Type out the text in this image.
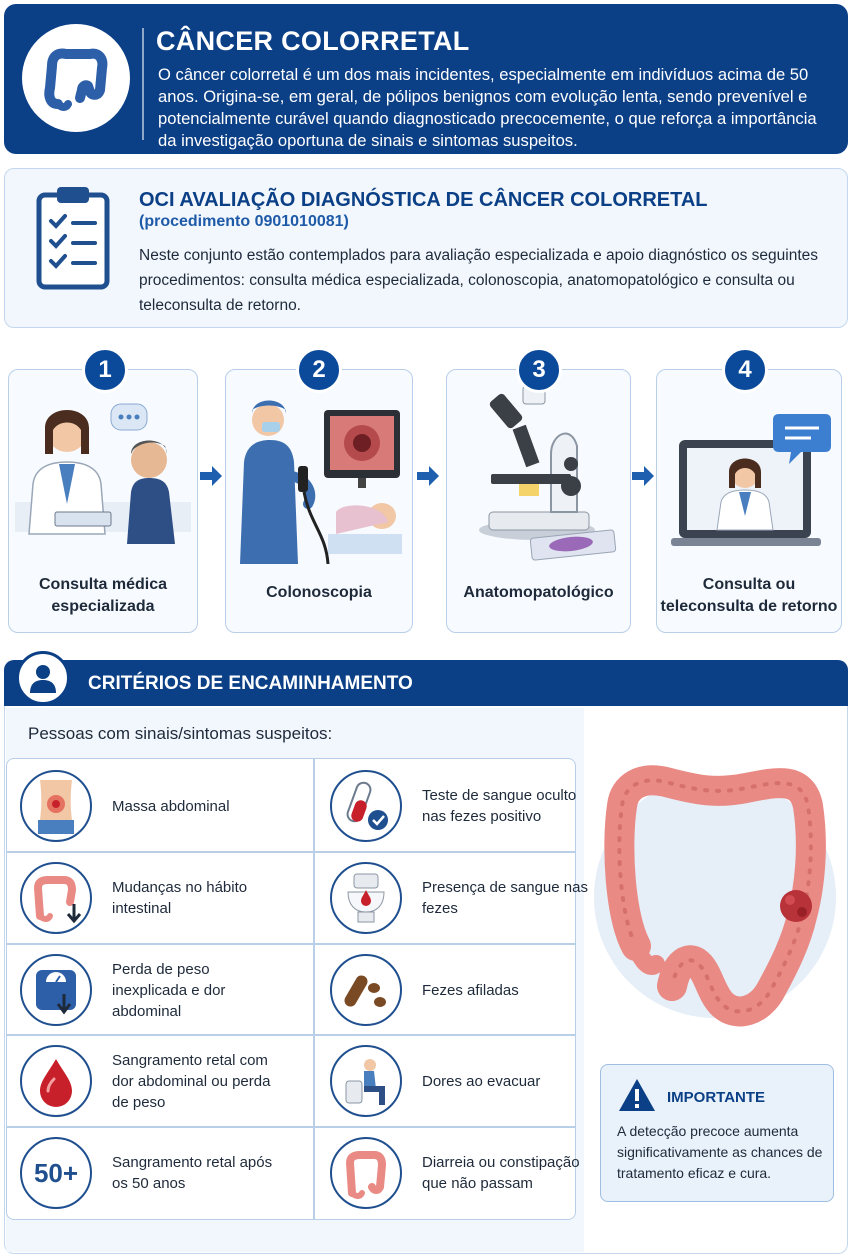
CÂNCER COLORRETAL
O câncer colorretal é um dos mais incidentes, especialmente em indivíduos acima de 50 anos. Origina-se, em geral, de pólipos benignos com evolução lenta, sendo prevenível e potencialmente curável quando diagnosticado precocemente, o que reforça a importância da investigação oportuna de sinais e sintomas suspeitos.
OCI AVALIAÇÃO DIAGNÓSTICA DE CÂNCER COLORRETAL
(procedimento 0901010081)
Neste conjunto estão contemplados para avaliação especializada e apoio diagnóstico os seguintes procedimentos: consulta médica especializada, colonoscopia, anatomopatológico e consulta ou teleconsulta de retorno.
Consulta médica especializada
1
Colonoscopia
2
Anatomopatológico
3
Consulta ou teleconsulta de retorno
4
CRITÉRIOS DE ENCAMINHAMENTO
Pessoas com sinais/sintomas suspeitos:
Massa abdominal
Mudanças no hábito intestinal
Perda de peso inexplicada e dor abdominal
Sangramento retal com dor abdominal ou perda de peso
50+ Sangramento retal após os 50 anos
Teste de sangue oculto nas fezes positivo
Presença de sangue nas fezes
Fezes afiladas
Dores ao evacuar
Diarreia ou constipação que não passam
IMPORTANTE
A detecção precoce aumenta significativamente as chances de tratamento eficaz e cura.
